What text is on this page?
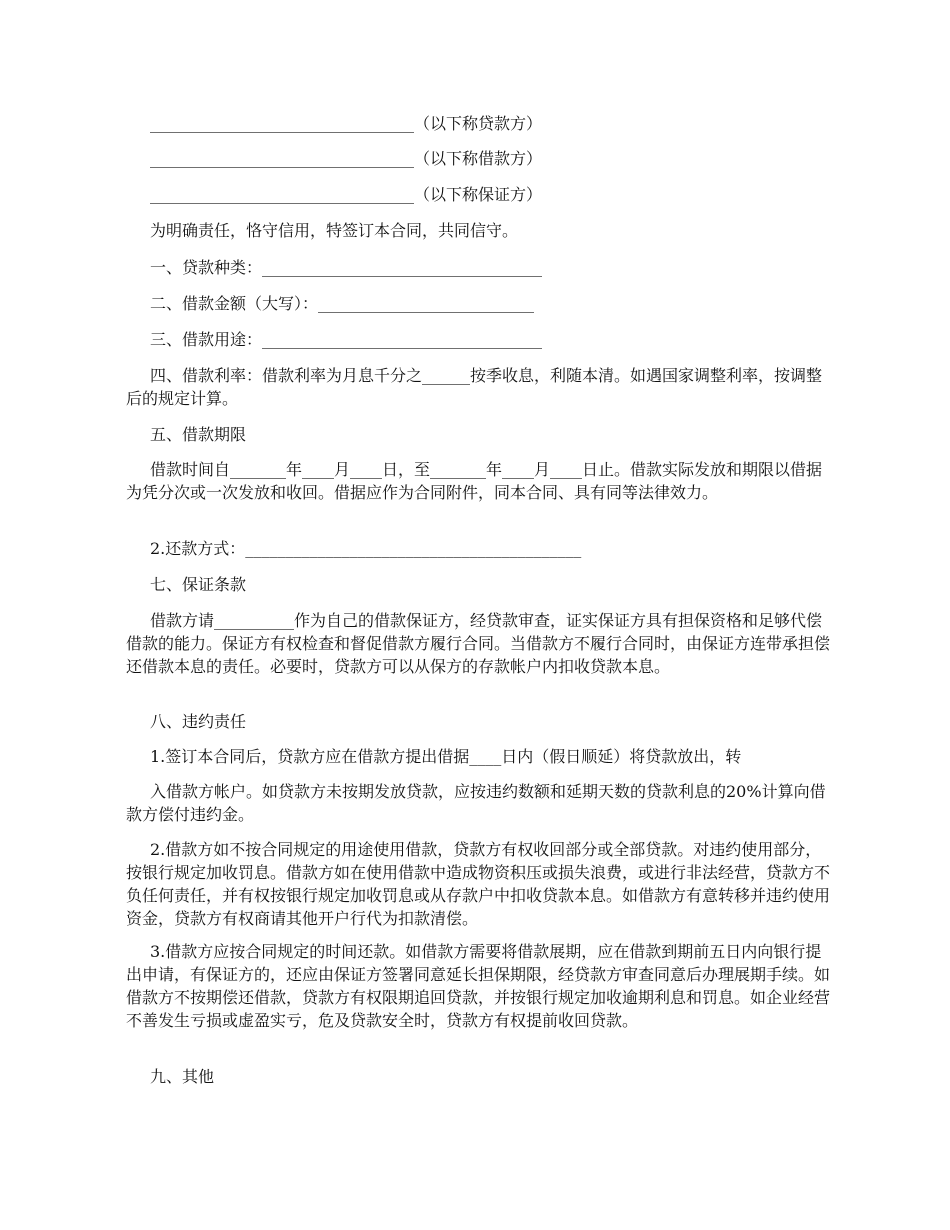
_________________________________（以下称贷款方）

_________________________________（以下称借款方）

_________________________________（以下称保证方）

为明确责任，恪守信用，特签订本合同，共同信守。

一、贷款种类：___________________________________

二、借款金额（大写）：___________________________

三、借款用途：___________________________________

四、借款利率：借款利率为月息千分之______按季收息，利随本清。如遇国家调整利率，按调整后的规定计算。

五、借款期限

借款时间自_______年____月____日，至_______年____月____日止。借款实际发放和期限以借据为凭分次或一次发放和收回。借据应作为合同附件，同本合同、具有同等法律效力。

2.还款方式：__________________________________________

七、保证条款

借款方请__________作为自己的借款保证方，经贷款审查，证实保证方具有担保资格和足够代偿借款的能力。保证方有权检查和督促借款方履行合同。当借款方不履行合同时，由保证方连带承担偿还借款本息的责任。必要时，贷款方可以从保方的存款帐户内扣收贷款本息。

八、违约责任

1.签订本合同后，贷款方应在借款方提出借据____日内（假日顺延）将贷款放出，转

入借款方帐户。如贷款方未按期发放贷款，应按违约数额和延期天数的贷款利息的20%计算向借款方偿付违约金。

2.借款方如不按合同规定的用途使用借款，贷款方有权收回部分或全部贷款。对违约使用部分，按银行规定加收罚息。借款方如在使用借款中造成物资积压或损失浪费，或进行非法经营，贷款方不负任何责任，并有权按银行规定加收罚息或从存款户中扣收贷款本息。如借款方有意转移并违约使用资金，贷款方有权商请其他开户行代为扣款清偿。

3.借款方应按合同规定的时间还款。如借款方需要将借款展期，应在借款到期前五日内向银行提出申请，有保证方的，还应由保证方签署同意延长担保期限，经贷款方审查同意后办理展期手续。如借款方不按期偿还借款，贷款方有权限期追回贷款，并按银行规定加收逾期利息和罚息。如企业经营不善发生亏损或虚盈实亏，危及贷款安全时，贷款方有权提前收回贷款。

九、其他
